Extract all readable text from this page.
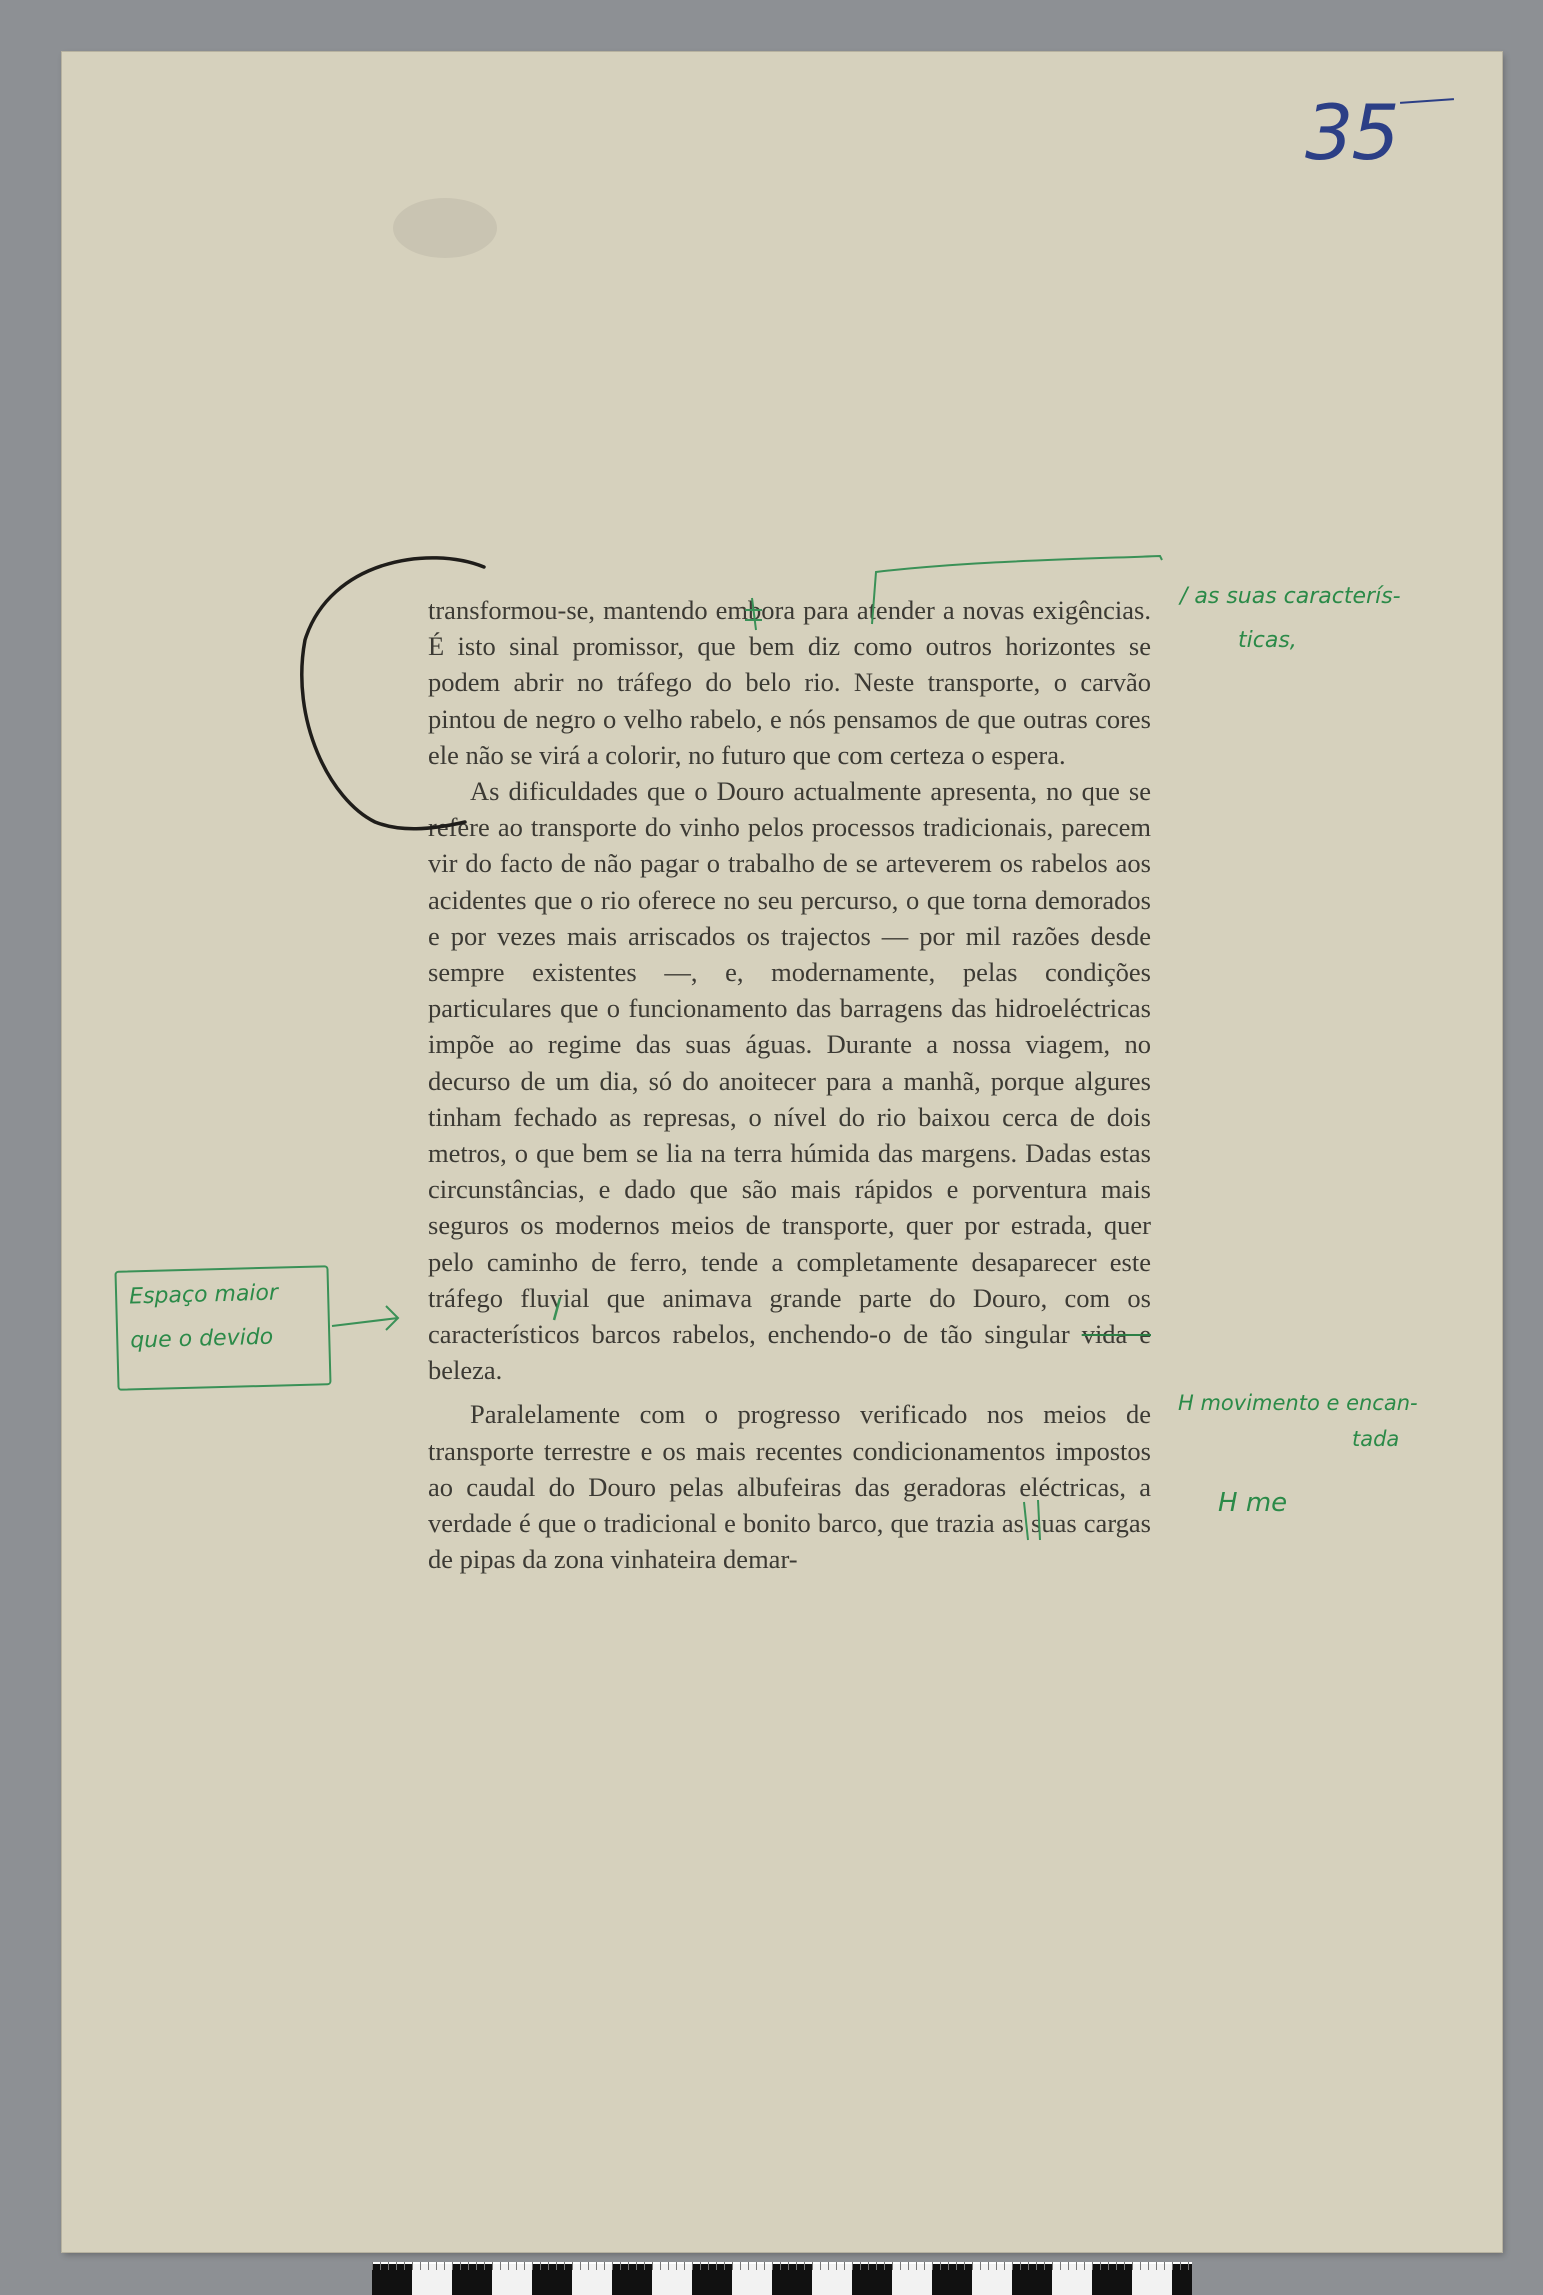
35

transformou-se, mantendo embora para atender a novas exigências. É isto sinal promissor, que bem diz como outros horizontes se podem abrir no tráfego do belo rio. Neste transporte, o carvão pintou de negro o velho rabelo, e nós pensamos de que outras cores ele não se virá a colorir, no futuro que com certeza o espera.

As dificuldades que o Douro actualmente apresenta, no que se refere ao transporte do vinho pelos processos tradicionais, parecem vir do facto de não pagar o trabalho de se arteverem os rabelos aos acidentes que o rio oferece no seu percurso, o que torna demorados e por vezes mais arriscados os trajectos — por mil razões desde sempre existentes —, e, modernamente, pelas condições particulares que o funcionamento das barragens das hidroeléctricas impõe ao regime das suas águas. Durante a nossa viagem, no decurso de um dia, só do anoitecer para a manhã, porque algures tinham fechado as represas, o nível do rio baixou cerca de dois metros, o que bem se lia na terra húmida das margens. Dadas estas circunstâncias, e dado que são mais rápidos e porventura mais seguros os modernos meios de transporte, quer por estrada, quer pelo caminho de ferro, tende a completamente desaparecer este tráfego fluvial que animava grande parte do Douro, com os característicos barcos rabelos, enchendo-o de tão singular vida e beleza.

Paralelamente com o progresso verificado nos meios de transporte terrestre e os mais recentes condicionamentos impostos ao caudal do Douro pelas albufeiras das geradoras eléctricas, a verdade é que o tradicional e bonito barco, que trazia as suas cargas de pipas da zona vinhateira demar-

/ as suas caracterís-
ticas,
Espaço maior
que o devido
H movimento e encan-
tada
H me
